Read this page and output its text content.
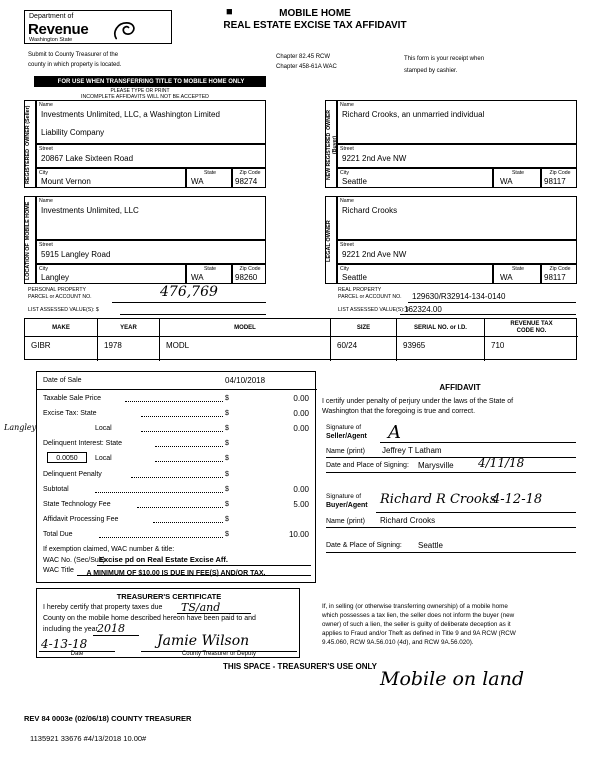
Department of
Revenue
Washington State
MOBILE HOME
REAL ESTATE EXCISE TAX AFFIDAVIT
■
Chapter 82.45 RCW
Chapter 458-61A WAC
Submit to County Treasurer of the
county in which property is located.
This form is your receipt when
stamped by cashier.
FOR USE WHEN TRANSFERRING TITLE TO MOBILE HOME ONLY
PLEASE TYPE OR PRINT
INCOMPLETE AFFIDAVITS WILL NOT BE ACCEPTED
REGISTERED  OWNER (Seller)
LOCATION OF  MOBILE HOME
NEW REGISTERED  OWNER (Buyer)
LEGAL OWNER
Name
Investments Unlimited, LLC, a Washington Limited
Liability Company
Street
20867 Lake Sixteen Road
City
Mount Vernon
State
WA
Zip Code
98274
Name
Richard Crooks, an unmarried individual
Street
9221 2nd Ave NW
City
Seattle
State
WA
Zip Code
98117
Name
Investments Unlimited, LLC
Street
5915 Langley Road
City
Langley
State
WA
Zip Code
98260
Name
Richard Crooks
Street
9221 2nd Ave NW
City
Seattle
State
WA
Zip Code
98117
PERSONAL PROPERTY
PARCEL or ACCOUNT NO.	476,769	REAL PROPERTY
PARCEL or ACCOUNT NO. 129630/R32914-134-0140
LIST ASSESSED VALUE(S): $	LIST ASSESSED VALUE(S): $
162324.00
MAKE	YEAR	MODEL	SIZE	SERIAL NO. or I.D.
REVENUE TAX
CODE NO.
GIBR	1978	MODL	60/24	93965	710
Date of Sale	04/10/2018
Taxable Sale Price	$	0.00
Excise Tax: State	$	0.00
Local	$	0.00
Delinquent Interest: State	$
0.0050	Local	$
Delinquent Penalty	$
Subtotal	$	0.00
State Technology Fee	$	5.00
Affidavit Processing Fee	$
Total Due	$	10.00
If exemption claimed, WAC number & title:
WAC No. (Sec/Sub)
Excise pd on Real Estate Excise Aff.
WAC Title
Langley
A MINIMUM OF $10.00 IS DUE IN FEE(S) AND/OR TAX.
AFFIDAVIT
I certify under penalty of perjury under the laws of the State of
Washington that the foregoing is true and correct.
Signature of
Seller/Agent A
Name (print) Jeffrey T Latham
Date and Place of Signing: Marysville 4/11/18
Signature of
Buyer/Agent Richard R Crooks
4-12-18
Name (print) Richard Crooks
Date & Place of Signing: Seattle
TREASURER'S CERTIFICATE
I hereby certify that property taxes due TS/and
County on the mobile home described hereon have been paid to and
including the year 2018
4-13-18
Date
Jamie Wilson
County Treasurer or Deputy
If, in selling (or otherwise transferring ownership) of a mobile home
which possesses a tax lien, the seller does not inform the buyer (new
owner) of such a lien, the seller is guilty of deliberate deception as it
applies to Fraud and/or Theft as defined in Title 9 and 9A RCW (RCW
9.45.060, RCW 9A.56.010 (4d), and RCW 9A.56.020).
THIS SPACE - TREASURER'S USE ONLY
Mobile on land
REV 84 0003e (02/06/18) COUNTY TREASURER
1135921 33676 #4/13/2018 10.00#
